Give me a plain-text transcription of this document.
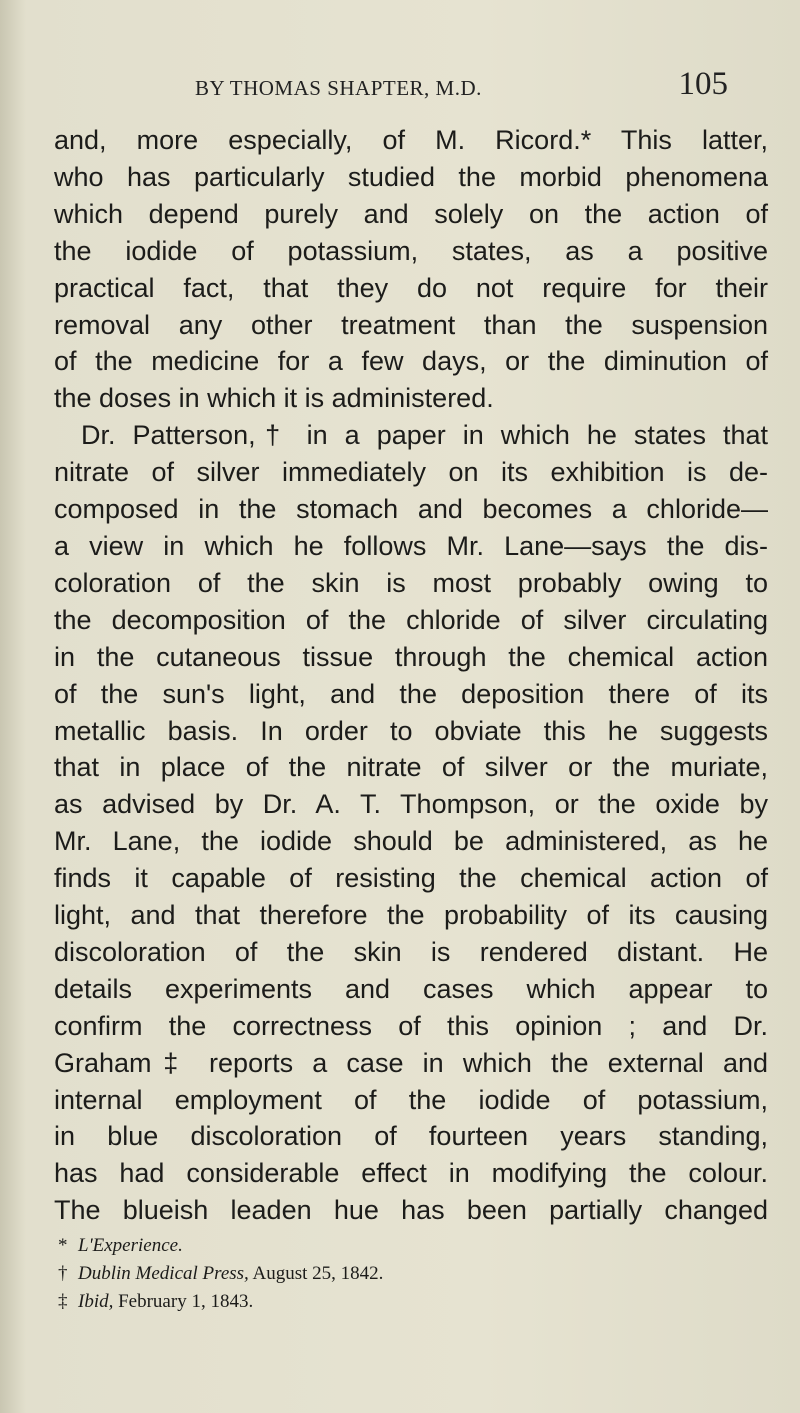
BY THOMAS SHAPTER, M.D.	105
and, more especially, of M. Ricord.* This latter,
who has particularly studied the morbid phenomena
which depend purely and solely on the action of
the iodide of potassium, states, as a positive
practical fact, that they do not require for their
removal any other treatment than the suspension
of the medicine for a few days, or the diminution of
the doses in which it is administered.
Dr. Patterson,† in a paper in which he states that
nitrate of silver immediately on its exhibition is de-
composed in the stomach and becomes a chloride—
a view in which he follows Mr. Lane—says the dis-
coloration of the skin is most probably owing to
the decomposition of the chloride of silver circulating
in the cutaneous tissue through the chemical action
of the sun's light, and the deposition there of its
metallic basis. In order to obviate this he suggests
that in place of the nitrate of silver or the muriate,
as advised by Dr. A. T. Thompson, or the oxide by
Mr. Lane, the iodide should be administered, as he
finds it capable of resisting the chemical action of
light, and that therefore the probability of its causing
discoloration of the skin is rendered distant. He
details experiments and cases which appear to
confirm the correctness of this opinion ; and Dr.
Graham‡ reports a case in which the external and
internal employment of the iodide of potassium,
in blue discoloration of fourteen years standing,
has had considerable effect in modifying the colour.
The blueish leaden hue has been partially changed
* L'Experience.
† Dublin Medical Press, August 25, 1842.
‡ Ibid, February 1, 1843.
